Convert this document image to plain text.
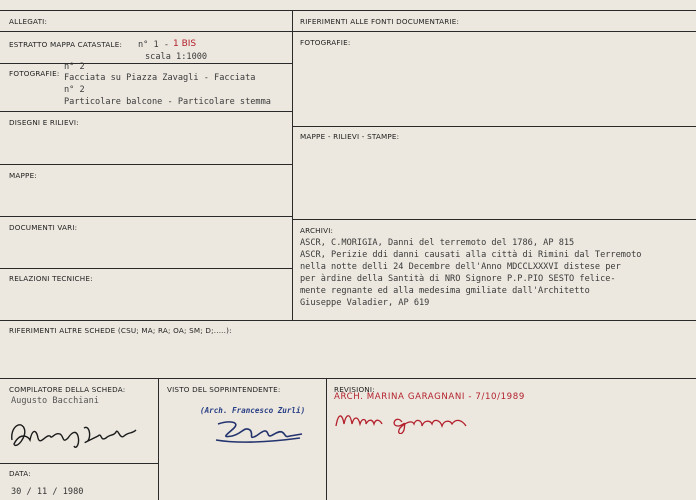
ALLEGATI:
ESTRATTO MAPPA CATASTALE: n° 1 - 1 BIS
scala 1:1000
FOTOGRAFIE:
n° 2
Facciata su Piazza Zavagli - Facciata
n° 2
Particolare balcone - Particolare stemma
DISEGNI E RILIEVI:
MAPPE:
DOCUMENTI VARI:
RELAZIONI TECNICHE:
RIFERIMENTI ALLE FONTI DOCUMENTARIE:
FOTOGRAFIE:
MAPPE - RILIEVI - STAMPE:
ARCHIVI:
ASCR, C.MORIGIA, Danni del terremoto del 1786, AP 815
ASCR, Perizie ddi danni causati alla città di Rimini dal Terremoto
nella notte delli 24 Decembre dell'Anno MDCCLXXXVI distese per
per àrdine della Santità di NRO Signore P.P.PIO SESTO felice-
mente regnante ed alla medesima gmiliate dall'Architetto
Giuseppe Valadier, AP 619
RIFERIMENTI ALTRE SCHEDE (CSU; MA; RA; OA; SM; D;.....):
COMPILATORE DELLA SCHEDA:
Augusto Bacchiani
DATA:
30 / 11 / 1980
VISTO DEL SOPRINTENDENTE:
(Arch. Francesco Zurli)
REVISIONI:
ARCH. MARINA GARAGNANI - 7/10/1989
